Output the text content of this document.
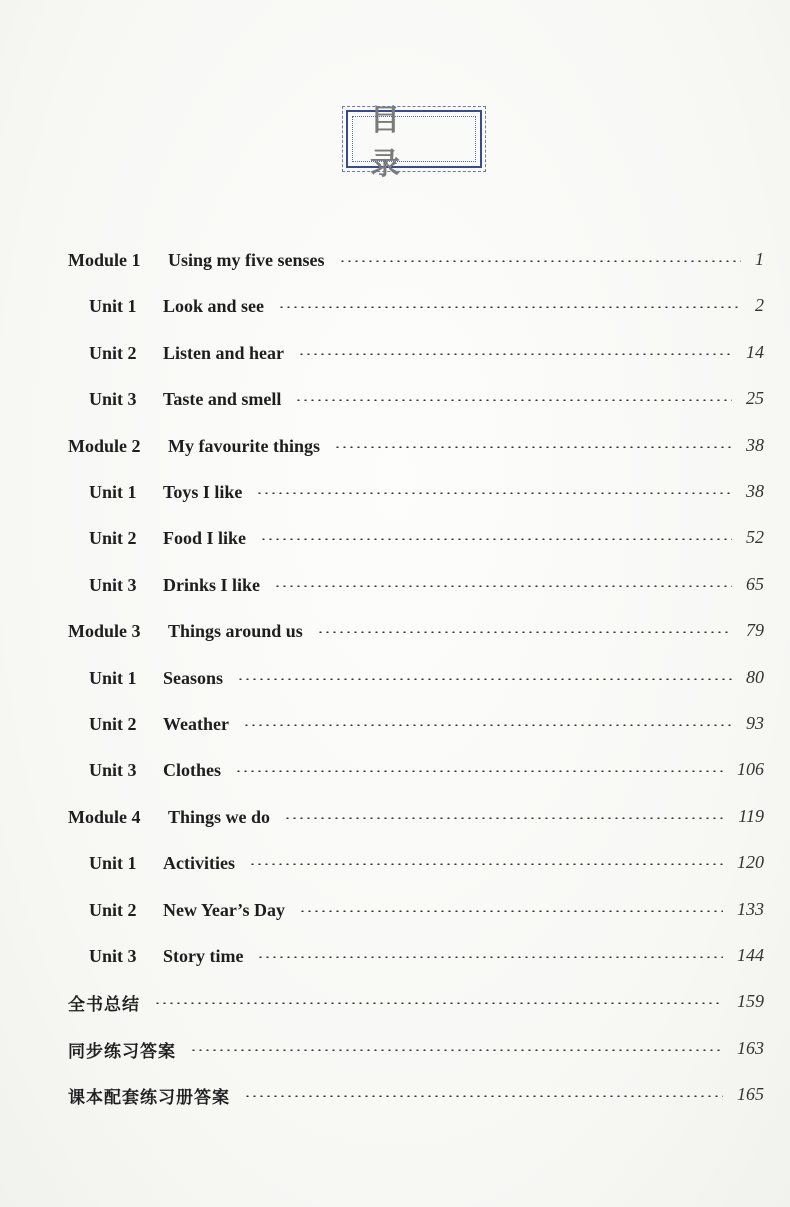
目　录
Module 1 Using my five senses	1
Unit 1 Look and see	2
Unit 2 Listen and hear	14
Unit 3 Taste and smell	25
Module 2 My favourite things	38
Unit 1 Toys I like	38
Unit 2 Food I like	52
Unit 3 Drinks I like	65
Module 3 Things around us	79
Unit 1 Seasons	80
Unit 2 Weather	93
Unit 3 Clothes	106
Module 4 Things we do	119
Unit 1 Activities	120
Unit 2 New Year’s Day	133
Unit 3 Story time	144
全书总结	159
同步练习答案	163
课本配套练习册答案	165
